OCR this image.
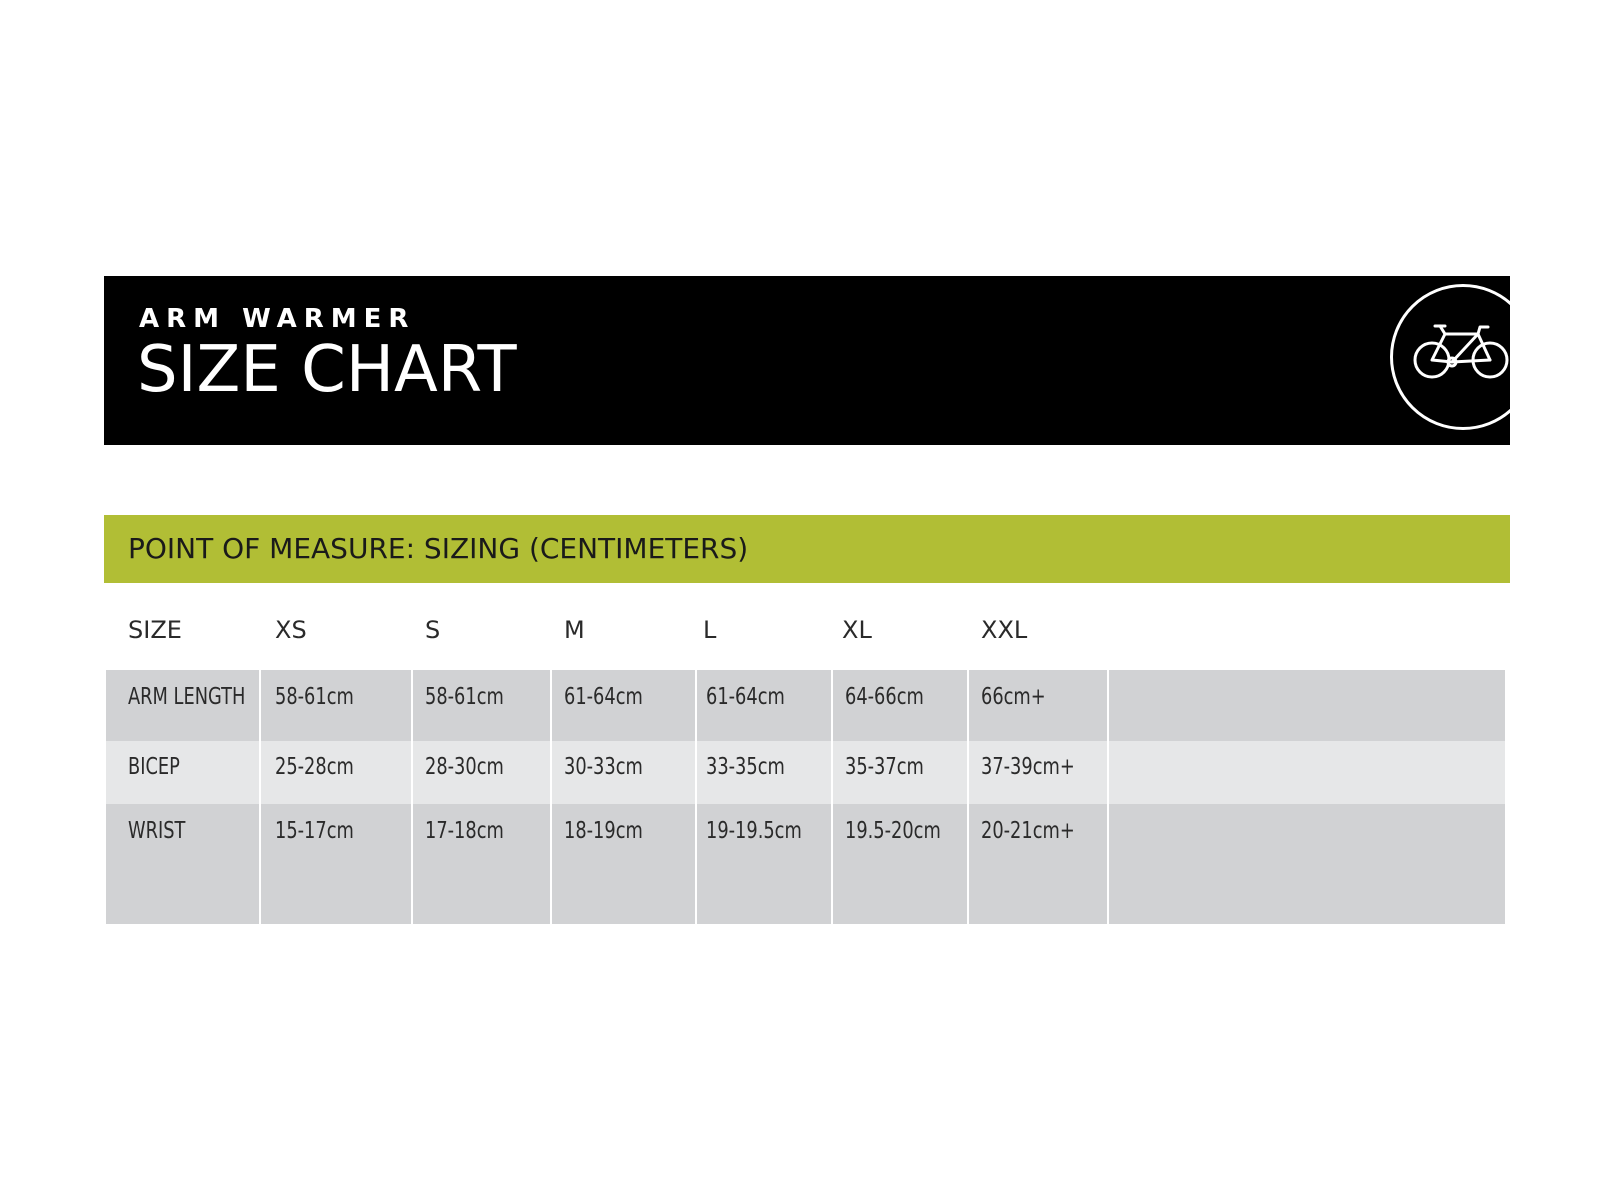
ARM WARMER
SIZE CHART
POINT OF MEASURE: SIZING (CENTIMETERS)
SIZE	XS	S	M	L	XL	XXL
ARM LENGTH 58-61cm	58-61cm	61-64cm	61-64cm	64-66cm 66cm+
BICEP	25-28cm	28-30cm	30-33cm	33-35cm	35-37cm 37-39cm+
WRIST	15-17cm	17-18cm	18-19cm	19-19.5cm 19.5-20cm 20-21cm+
